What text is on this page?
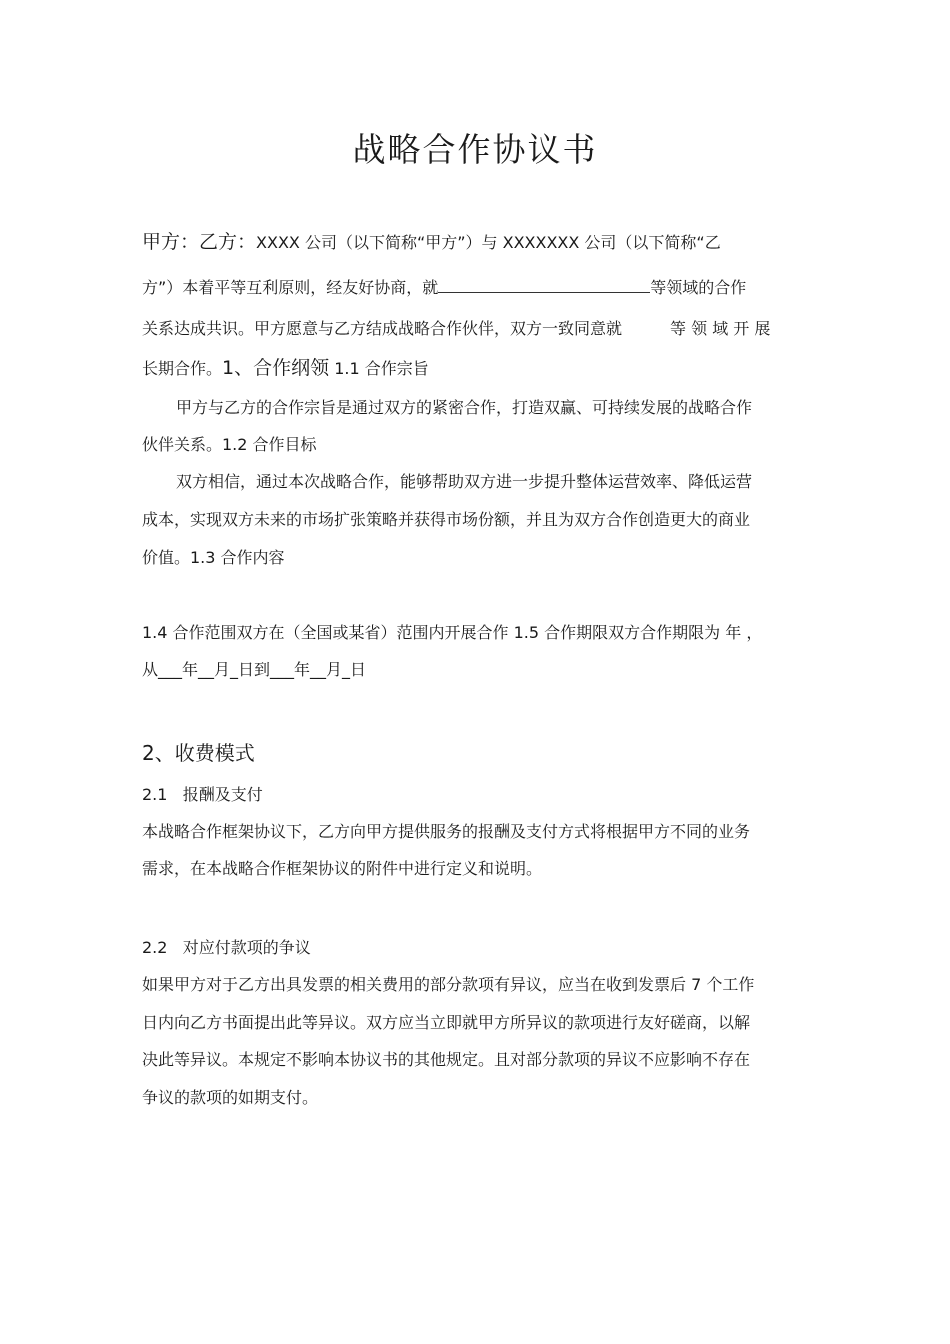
战略合作协议书
甲方：乙方：XXXX 公司（以下简称“甲方”）与 XXXXXXX 公司（以下简称“乙
方”）本着平等互利原则，经友好协商，就	等领域的合作
关系达成共识。甲方愿意与乙方结成战略合作伙伴，双方一致同意就	等 领 域 开 展
长期合作。1、合作纲领 1.1 合作宗旨
甲方与乙方的合作宗旨是通过双方的紧密合作，打造双赢、可持续发展的战略合作
伙伴关系。1.2 合作目标
双方相信，通过本次战略合作，能够帮助双方进一步提升整体运营效率、降低运营
成本，实现双方未来的市场扩张策略并获得市场份额，并且为双方合作创造更大的商业
价值。1.3 合作内容
1.4 合作范围双方在（全国或某省）范围内开展合作 1.5 合作期限双方合作期限为 年 ，
从___年__月_日到___年__月_日
2、收费模式
2.1   报酬及支付
本战略合作框架协议下，乙方向甲方提供服务的报酬及支付方式将根据甲方不同的业务
需求，在本战略合作框架协议的附件中进行定义和说明。
2.2   对应付款项的争议
如果甲方对于乙方出具发票的相关费用的部分款项有异议，应当在收到发票后 7 个工作
日内向乙方书面提出此等异议。双方应当立即就甲方所异议的款项进行友好磋商，以解
决此等异议。本规定不影响本协议书的其他规定。且对部分款项的异议不应影响不存在
争议的款项的如期支付。
